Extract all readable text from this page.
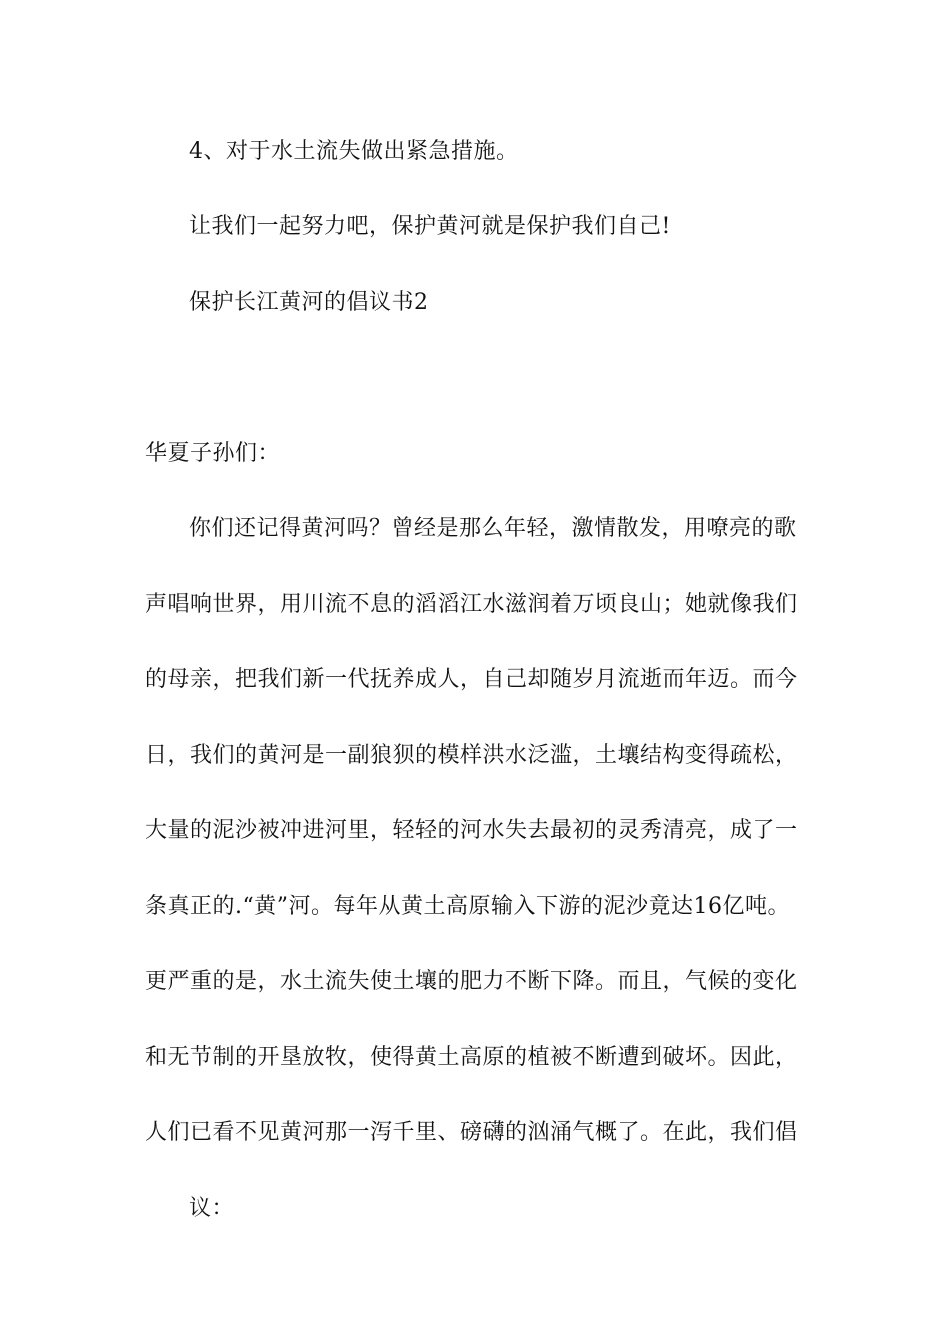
4、对于水土流失做出紧急措施。
让我们一起努力吧，保护黄河就是保护我们自己!
保护长江黄河的倡议书2
华夏子孙们：
你们还记得黄河吗？曾经是那么年轻，激情散发，用嘹亮的歌
声唱响世界，用川流不息的滔滔江水滋润着万顷良山；她就像我们
的母亲，把我们新一代抚养成人，自己却随岁月流逝而年迈。而今
日，我们的黄河是一副狼狈的模样洪水泛滥，土壤结构变得疏松，
大量的泥沙被冲进河里，轻轻的河水失去最初的灵秀清亮，成了一
条真正的.“黄”河。每年从黄土高原输入下游的泥沙竟达16亿吨。
更严重的是，水土流失使土壤的肥力不断下降。而且，气候的变化
和无节制的开垦放牧，使得黄土高原的植被不断遭到破坏。因此，
人们已看不见黄河那一泻千里、磅礴的汹涌气概了。在此，我们倡
议：
